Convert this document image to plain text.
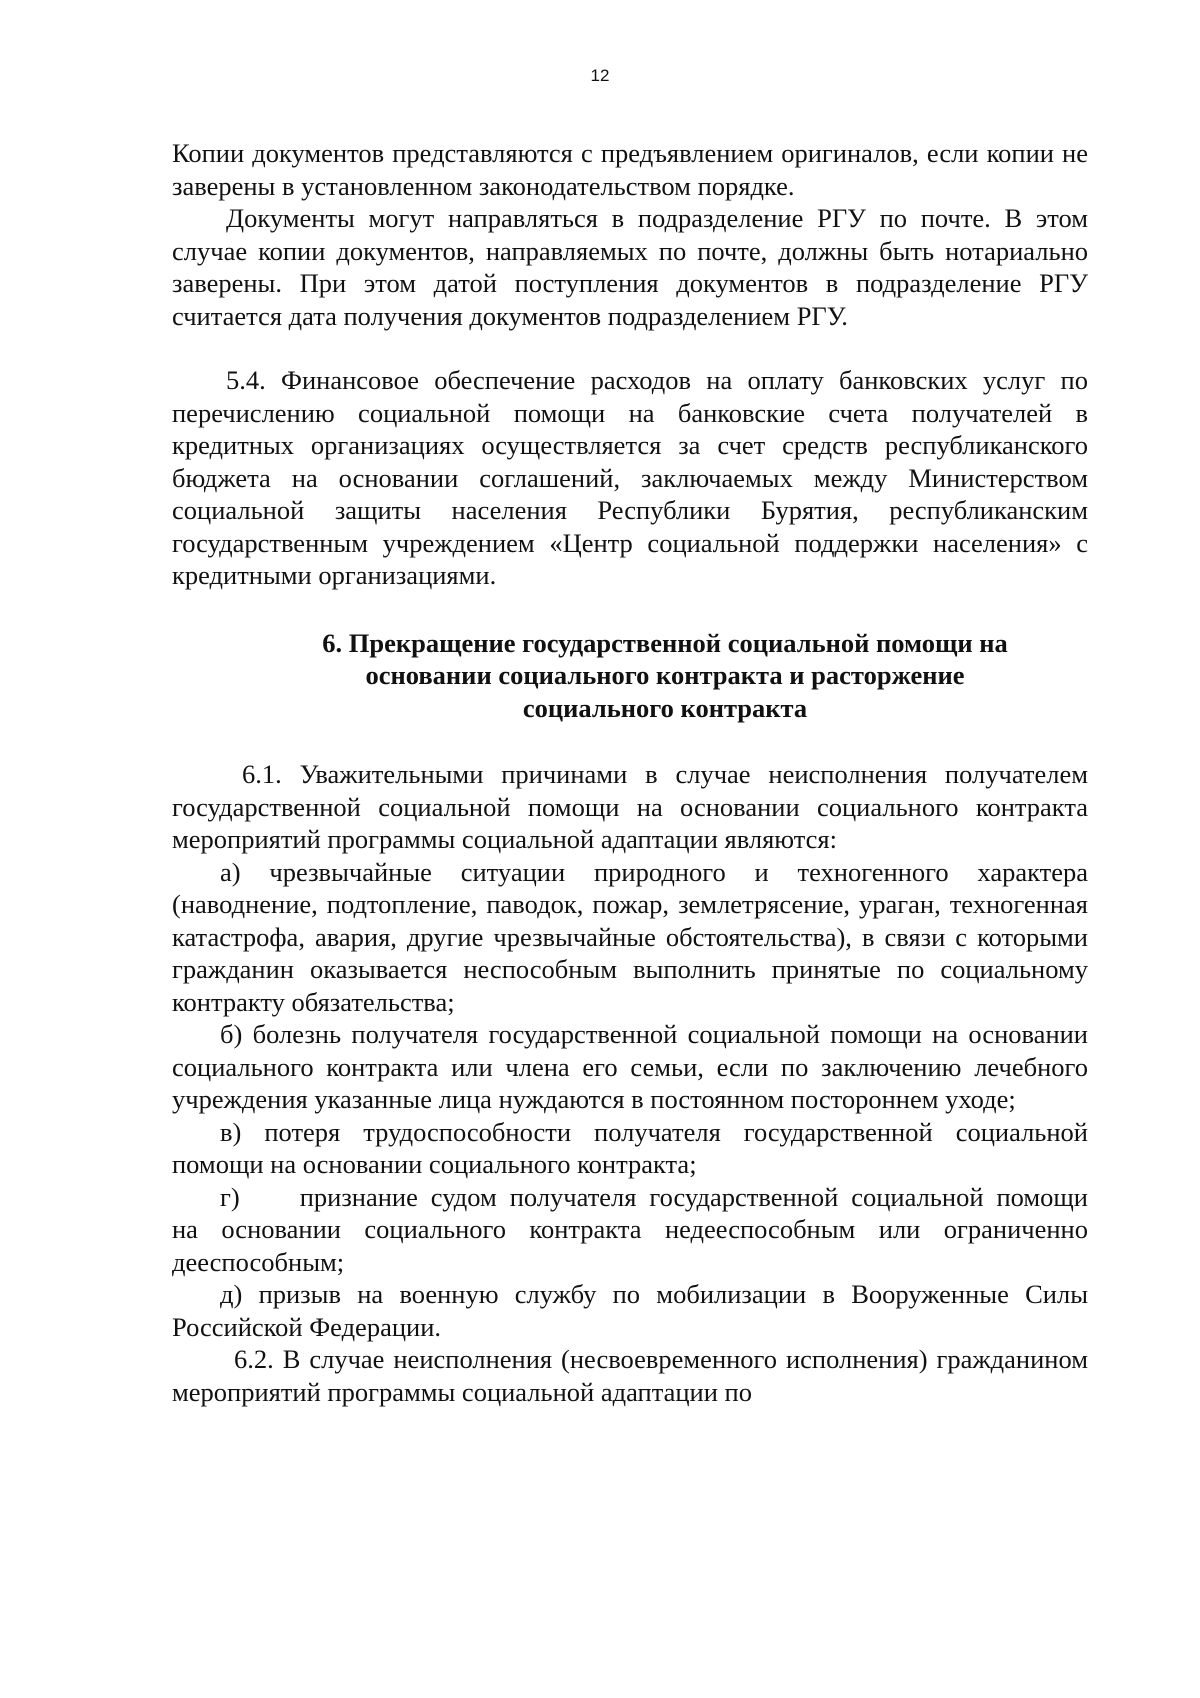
12

Копии документов представляются с предъявлением оригиналов, если копии не заверены в установленном законодательством порядке.

Документы могут направляться в подразделение РГУ по почте. В этом случае копии документов, направляемых по почте, должны быть нотариально заверены. При этом датой поступления документов в подразделение РГУ считается дата получения документов подразделением РГУ.

5.4. Финансовое обеспечение расходов на оплату банковских услуг по перечислению социальной помощи на банковские счета получателей в кредитных организациях осуществляется за счет средств республиканского бюджета на основании соглашений, заключаемых между Министерством социальной защиты населения Республики Бурятия, республиканским государственным учреждением «Центр социальной поддержки населения» с кредитными организациями.

6. Прекращение государственной социальной помощи на
основании социального контракта и расторжение
социального контракта

6.1. Уважительными причинами в случае неисполнения получателем государственной социальной помощи на основании социального контракта мероприятий программы социальной адаптации являются:

а) чрезвычайные ситуации природного и техногенного характера (наводнение, подтопление, паводок, пожар, землетрясение, ураган, техногенная катастрофа, авария, другие чрезвычайные обстоятельства), в связи с которыми гражданин оказывается неспособным выполнить принятые по социальному контракту обязательства;

б) болезнь получателя государственной социальной помощи на основании социального контракта или члена его семьи, если по заключению лечебного учреждения указанные лица нуждаются в постоянном постороннем уходе;

в) потеря трудоспособности получателя государственной социальной помощи на основании социального контракта;

г) признание судом получателя государственной социальной помощи на основании социального контракта недееспособным или ограниченно дееспособным;

д) призыв на военную службу по мобилизации в Вооруженные Силы Российской Федерации.

6.2. В случае неисполнения (несвоевременного исполнения) гражданином мероприятий программы социальной адаптации по
